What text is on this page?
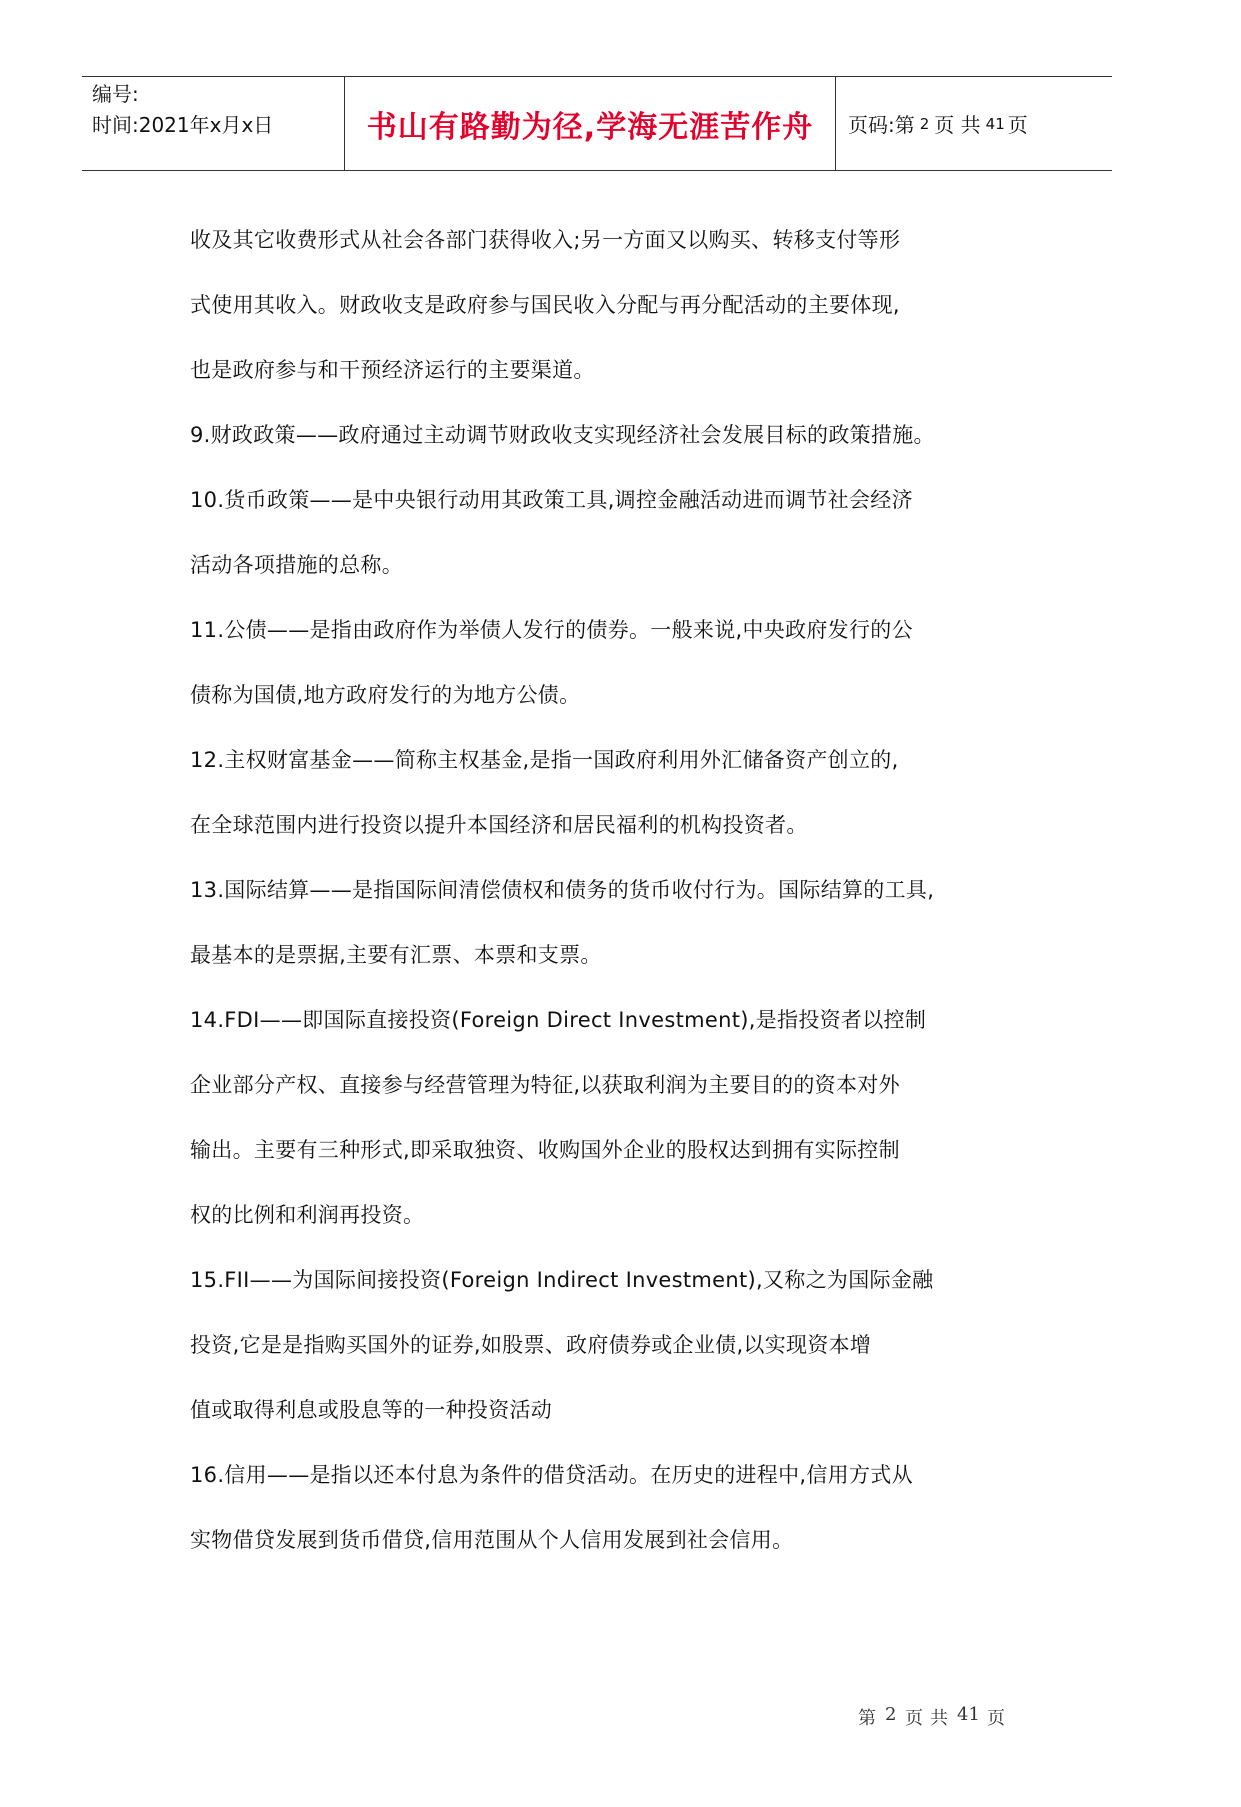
编号:
时间:2021年x月x日	书山有路勤为径,学海无涯苦作舟 页码:第 2 页 共 41 页

收及其它收费形式从社会各部门获得收入;另一方面又以购买、转移支付等形

式使用其收入。财政收支是政府参与国民收入分配与再分配活动的主要体现,

也是政府参与和干预经济运行的主要渠道。

9.财政政策——政府通过主动调节财政收支实现经济社会发展目标的政策措施。

10.货币政策——是中央银行动用其政策工具,调控金融活动进而调节社会经济

活动各项措施的总称。

11.公债——是指由政府作为举债人发行的债券。一般来说,中央政府发行的公

债称为国债,地方政府发行的为地方公债。

12.主权财富基金——简称主权基金,是指一国政府利用外汇储备资产创立的,

在全球范围内进行投资以提升本国经济和居民福利的机构投资者。

13.国际结算——是指国际间清偿债权和债务的货币收付行为。国际结算的工具,

最基本的是票据,主要有汇票、本票和支票。

14.FDI——即国际直接投资(Foreign Direct Investment),是指投资者以控制

企业部分产权、直接参与经营管理为特征,以获取利润为主要目的的资本对外

输出。主要有三种形式,即采取独资、收购国外企业的股权达到拥有实际控制

权的比例和利润再投资。

15.FII——为国际间接投资(Foreign Indirect Investment),又称之为国际金融

投资,它是是指购买国外的证券,如股票、政府债券或企业债,以实现资本增

值或取得利息或股息等的一种投资活动

16.信用——是指以还本付息为条件的借贷活动。在历史的进程中,信用方式从

实物借贷发展到货币借贷,信用范围从个人信用发展到社会信用。

第 2 页 共 41 页
